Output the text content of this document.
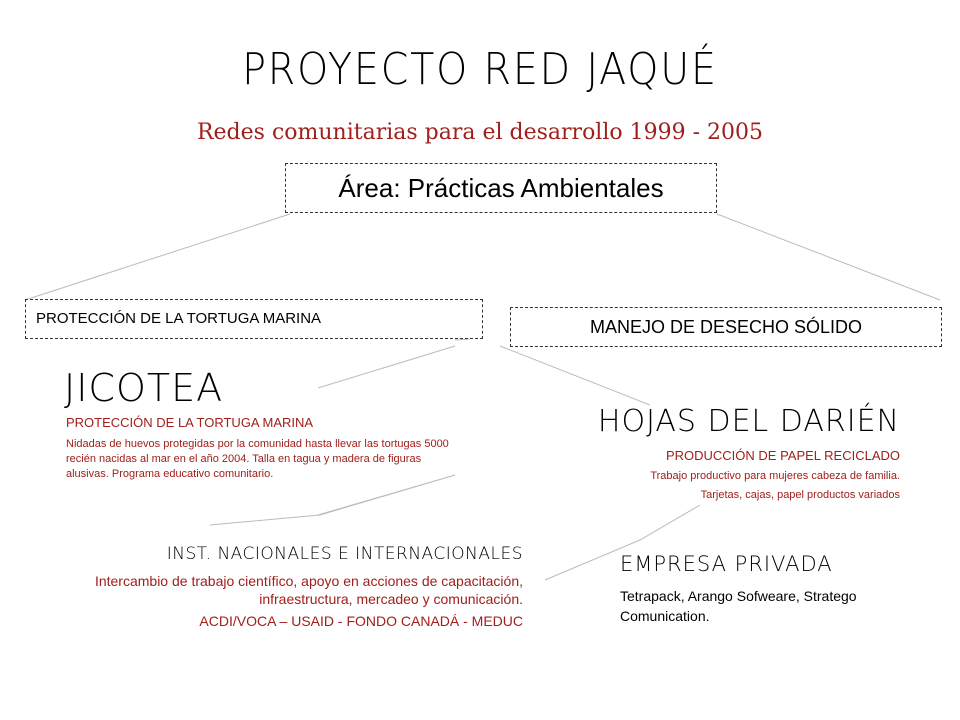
PROYECTO RED JAQUÉ
Redes comunitarias para el desarrollo 1999 - 2005
Área: Prácticas Ambientales
PROTECCIÓN DE LA TORTUGA MARINA	MANEJO DE DESECHO SÓLIDO
JICOTEA
PROTECCIÓN DE LA TORTUGA MARINA
Nidadas de huevos protegidas por la comunidad hasta llevar las tortugas 5000 recién nacidas al mar en el año 2004. Talla en tagua y madera de figuras alusivas. Programa educativo comunitario.
HOJAS DEL DARIÉN
PRODUCCIÓN DE PAPEL RECICLADO
Trabajo productivo para mujeres cabeza de familia.
Tarjetas, cajas, papel productos variados
INST. NACIONALES E INTERNACIONALES
Intercambio de trabajo científico, apoyo en acciones de capacitación, infraestructura, mercadeo y comunicación.
ACDI/VOCA – USAID - FONDO CANADÁ - MEDUC
EMPRESA PRIVADA
Tetrapack, Arango Sofweare, Stratego Comunication.
